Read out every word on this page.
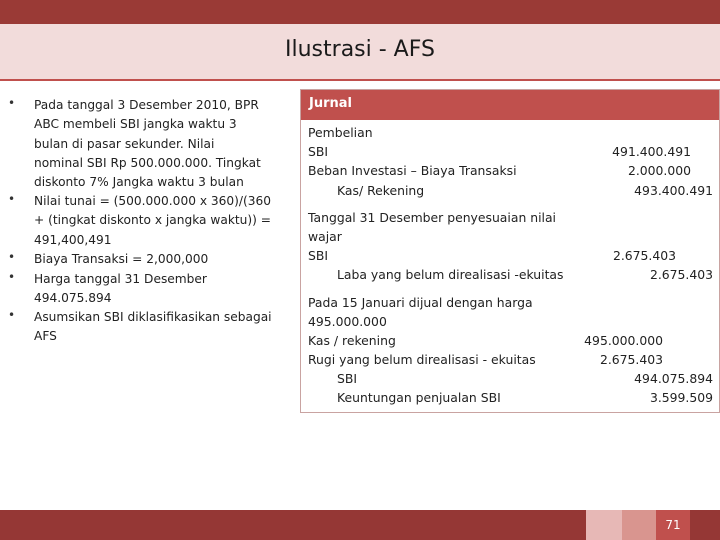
Ilustrasi - AFS
• Pada tanggal 3 Desember 2010, BPR
ABC membeli SBI jangka waktu 3
bulan di pasar sekunder. Nilai
nominal SBI Rp 500.000.000. Tingkat
diskonto 7% Jangka waktu 3 bulan
• Nilai tunai = (500.000.000 x 360)/(360
+ (tingkat diskonto x jangka waktu)) =
491,400,491
• Biaya Transaksi = 2,000,000
• Harga tanggal 31 Desember
494.075.894
• Asumsikan SBI diklasifikasikan sebagai
AFS
Jurnal
Pembelian
SBI	491.400.491
Beban Investasi – Biaya Transaksi	2.000.000
Kas/ Rekening	493.400.491
Tanggal 31 Desember penyesuaian nilai
wajar
SBI	2.675.403
Laba yang belum direalisasi -ekuitas	2.675.403
Pada 15 Januari dijual dengan harga
495.000.000
Kas / rekening	495.000.000
Rugi yang belum direalisasi - ekuitas	2.675.403
SBI	494.075.894
Keuntungan penjualan SBI	3.599.509
71
